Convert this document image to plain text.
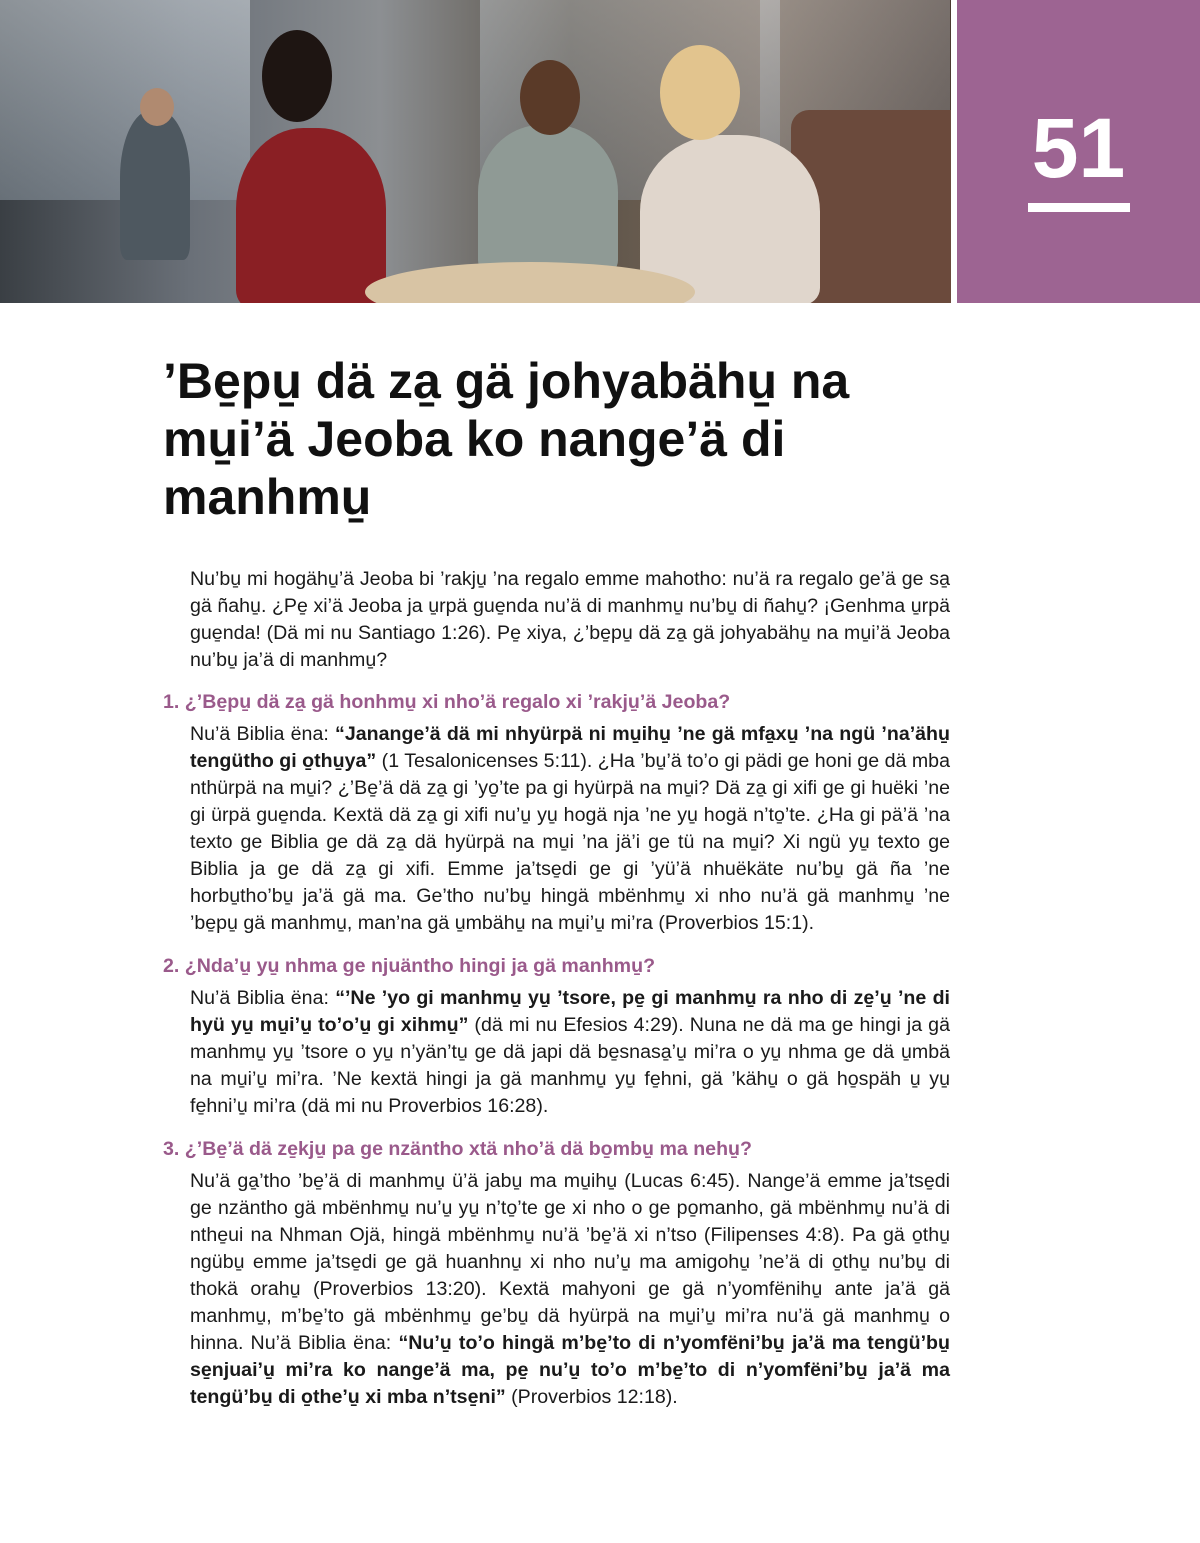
51
’Be̱pu̱ dä za̱ gä johyabähu̱ na mu̱i’ä Jeoba ko nange’ä di manhmu̱

Nu’bu̱ mi hogähu̱’ä Jeoba bi ’rakju̱ ’na regalo emme mahotho: nu’ä ra regalo ge’ä ge sa̱ gä ñahu̱. ¿Pe̱ xi’ä Jeoba ja u̱rpä gue̱nda nu’ä di manhmu̱ nu’bu̱ di ñahu̱? ¡Genhma u̱rpä gue̱nda! (Dä mi nu Santiago 1:26). Pe̱ xiya, ¿’be̱pu̱ dä za̱ gä johyabähu̱ na mu̱i’ä Jeoba nu’bu̱ ja’ä di manhmu̱?

1. ¿’Be̱pu̱ dä za̱ gä honhmu̱ xi nho’ä regalo xi ’rakju̱’ä Jeoba?

Nu’ä Biblia ëna: “Janange’ä dä mi nhyürpä ni mu̱ihu̱ ’ne gä mfa̱xu̱ ’na ngü ’na’ähu̱ tengütho gi o̱thu̱ya” (1 Tesalonicenses 5:11). ¿Ha ’bu̱’ä to’o gi pädi ge honi ge dä mba nthürpä na mu̱i? ¿’Be̱’ä dä za̱ gi ’yo̱’te pa gi hyürpä na mu̱i? Dä za̱ gi xifi ge gi huëki ’ne gi ürpä gue̱nda. Kextä dä za̱ gi xifi nu’u̱ yu̱ hogä nja ’ne yu̱ hogä n’to̱’te. ¿Ha gi pä’ä ’na texto ge Biblia ge dä za̱ dä hyürpä na mu̱i ’na jä’i ge tü na mu̱i? Xi ngü yu̱ texto ge Biblia ja ge dä za̱ gi xifi. Emme ja’tse̱di ge gi ’yü’ä nhuëkäte nu’bu̱ gä ña ’ne horbu̱tho’bu̱ ja’ä gä ma. Ge’tho nu’bu̱ hingä mbënhmu̱ xi nho nu’ä gä manhmu̱ ’ne ’be̱pu̱ gä manhmu̱, man’na gä u̱mbähu̱ na mu̱i’u̱ mi’ra (Proverbios 15:1).

2. ¿Nda’u̱ yu̱ nhma ge njuäntho hingi ja gä manhmu̱?

Nu’ä Biblia ëna: “’Ne ’yo gi manhmu̱ yu̱ ’tsore, pe̱ gi manhmu̱ ra nho di ze̱’u̱ ’ne di hyü yu̱ mu̱i’u̱ to’o’u̱ gi xihmu̱” (dä mi nu Efesios 4:29). Nuna ne dä ma ge hingi ja gä manhmu̱ yu̱ ’tsore o yu̱ n’yän’tu̱ ge dä japi dä be̱snasa̱’u̱ mi’ra o yu̱ nhma ge dä u̱mbä na mu̱i’u̱ mi’ra. ’Ne kextä hingi ja gä manhmu̱ yu̱ fe̱hni, gä ’kähu̱ o gä ho̱späh u̱ yu̱ fe̱hni’u̱ mi’ra (dä mi nu Proverbios 16:28).

3. ¿’Be̱’ä dä ze̱kju̱ pa ge nzäntho xtä nho’ä dä bo̱mbu̱ ma nehu̱?

Nu’ä ga̱’tho ’be̱’ä di manhmu̱ ü’ä jabu̱ ma mu̱ihu̱ (Lucas 6:45). Nange’ä emme ja’tse̱di ge nzäntho gä mbënhmu̱ nu’u̱ yu̱ n’to̱’te ge xi nho o ge po̱manho, gä mbënhmu̱ nu’ä di nthe̱ui na Nhman Ojä, hingä mbënhmu̱ nu’ä ’be̱’ä xi n’tso (Filipenses 4:8). Pa gä o̱thu̱ ngübu̱ emme ja’tse̱di ge gä huanhnu̱ xi nho nu’u̱ ma amigohu̱ ’ne’ä di o̱thu̱ nu’bu̱ di thokä orahu̱ (Proverbios 13:20). Kextä mahyoni ge gä n’yomfënihu̱ ante ja’ä gä manhmu̱, m’be̱’to gä mbënhmu̱ ge’bu̱ dä hyürpä na mu̱i’u̱ mi’ra nu’ä gä manhmu̱ o hinna. Nu’ä Biblia ëna: “Nu’u̱ to’o hingä m’be̱’to di n’yomfëni’bu̱ ja’ä ma tengü’bu̱ se̱njuai’u̱ mi’ra ko nange’ä ma, pe̱ nu’u̱ to’o m’be̱’to di n’yomfëni’bu̱ ja’ä ma tengü’bu̱ di o̱the’u̱ xi mba n’tse̱ni” (Proverbios 12:18).
